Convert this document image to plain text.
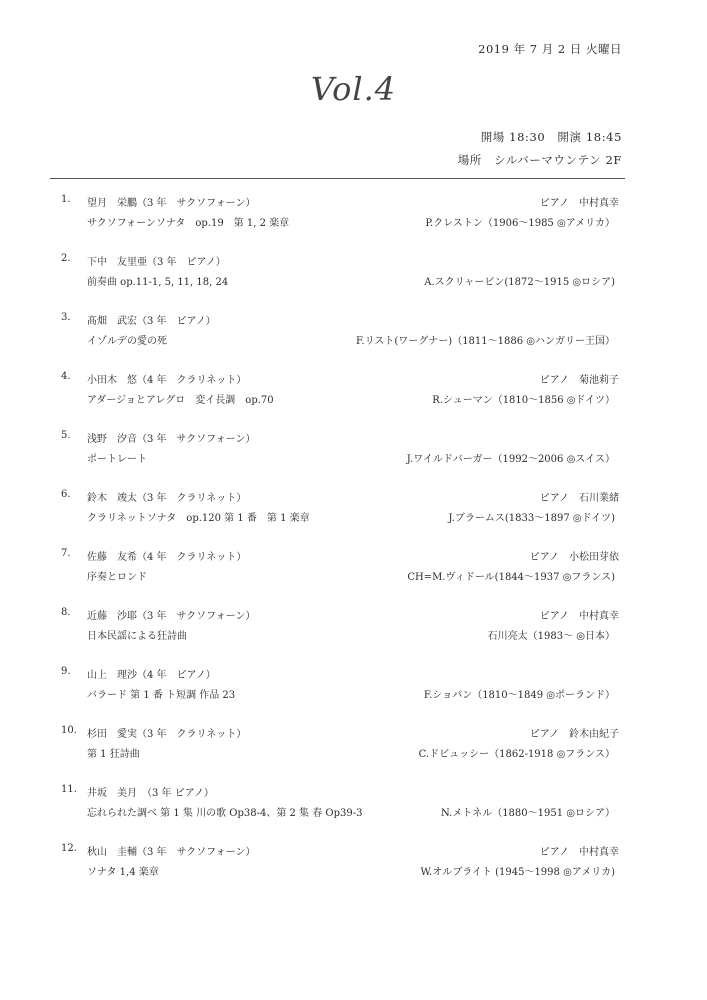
2019 年 7 月 2 日 火曜日
Vol.4
開場 18:30　開演 18:45
場所　シルバーマウンテン 2F
1. 望月　栄鵬（3 年　サクソフォーン）	ピアノ　中村真幸
サクソフォーンソナタ　op.19　第 1, 2 楽章	P.クレストン（1906〜1985 ◎アメリカ）
2. 下中　友里亜（3 年　ピアノ）
前奏曲 op.11-1, 5, 11, 18, 24	A.スクリャービン(1872〜1915 ◎ロシア)
3. 髙畑　武宏（3 年　ピアノ）
イゾルデの愛の死	F.リスト(ワーグナー)（1811〜1886 ◎ハンガリー王国）
4. 小田木　悠（4 年　クラリネット）	ピアノ　菊池莉子
アダージョとアレグロ　変イ長調　op.70	R.シューマン（1810〜1856 ◎ドイツ）
5. 浅野　汐音（3 年　サクソフォーン）
ポートレート	J.ワイルドバーガー（1992〜2006 ◎スイス）
6. 鈴木　竣太（3 年　クラリネット）	ピアノ　石川業緒
クラリネットソナタ　op.120 第 1 番　第 1 楽章	J.ブラームス(1833〜1897 ◎ドイツ)
7. 佐藤　友希（4 年　クラリネット）	ピアノ　小松田芽依
序奏とロンド	CH=M.ヴィドール(1844〜1937 ◎フランス)
8. 近藤　沙耶（3 年　サクソフォーン）	ピアノ　中村真幸
日本民謡による狂詩曲	石川亮太（1983〜 ◎日本）
9. 山上　理沙（4 年　ピアノ）
バラード 第 1 番 ト短調 作品 23	F.ショパン（1810〜1849 ◎ポーランド）
10. 杉田　愛実（3 年　クラリネット）	ピアノ　鈴木由紀子
第 1 狂詩曲	C.ドビュッシー（1862-1918 ◎フランス）
11. 井坂　美月　（3 年 ピアノ）
忘れられた調べ 第 1 集 川の歌 Op38-4、第 2 集 春 Op39-3	N.メトネル（1880〜1951 ◎ロシア）
12. 秋山　圭輔（3 年　サクソフォーン）	ピアノ　中村真幸
ソナタ 1,4 楽章	W.オルブライト (1945〜1998 ◎アメリカ)
